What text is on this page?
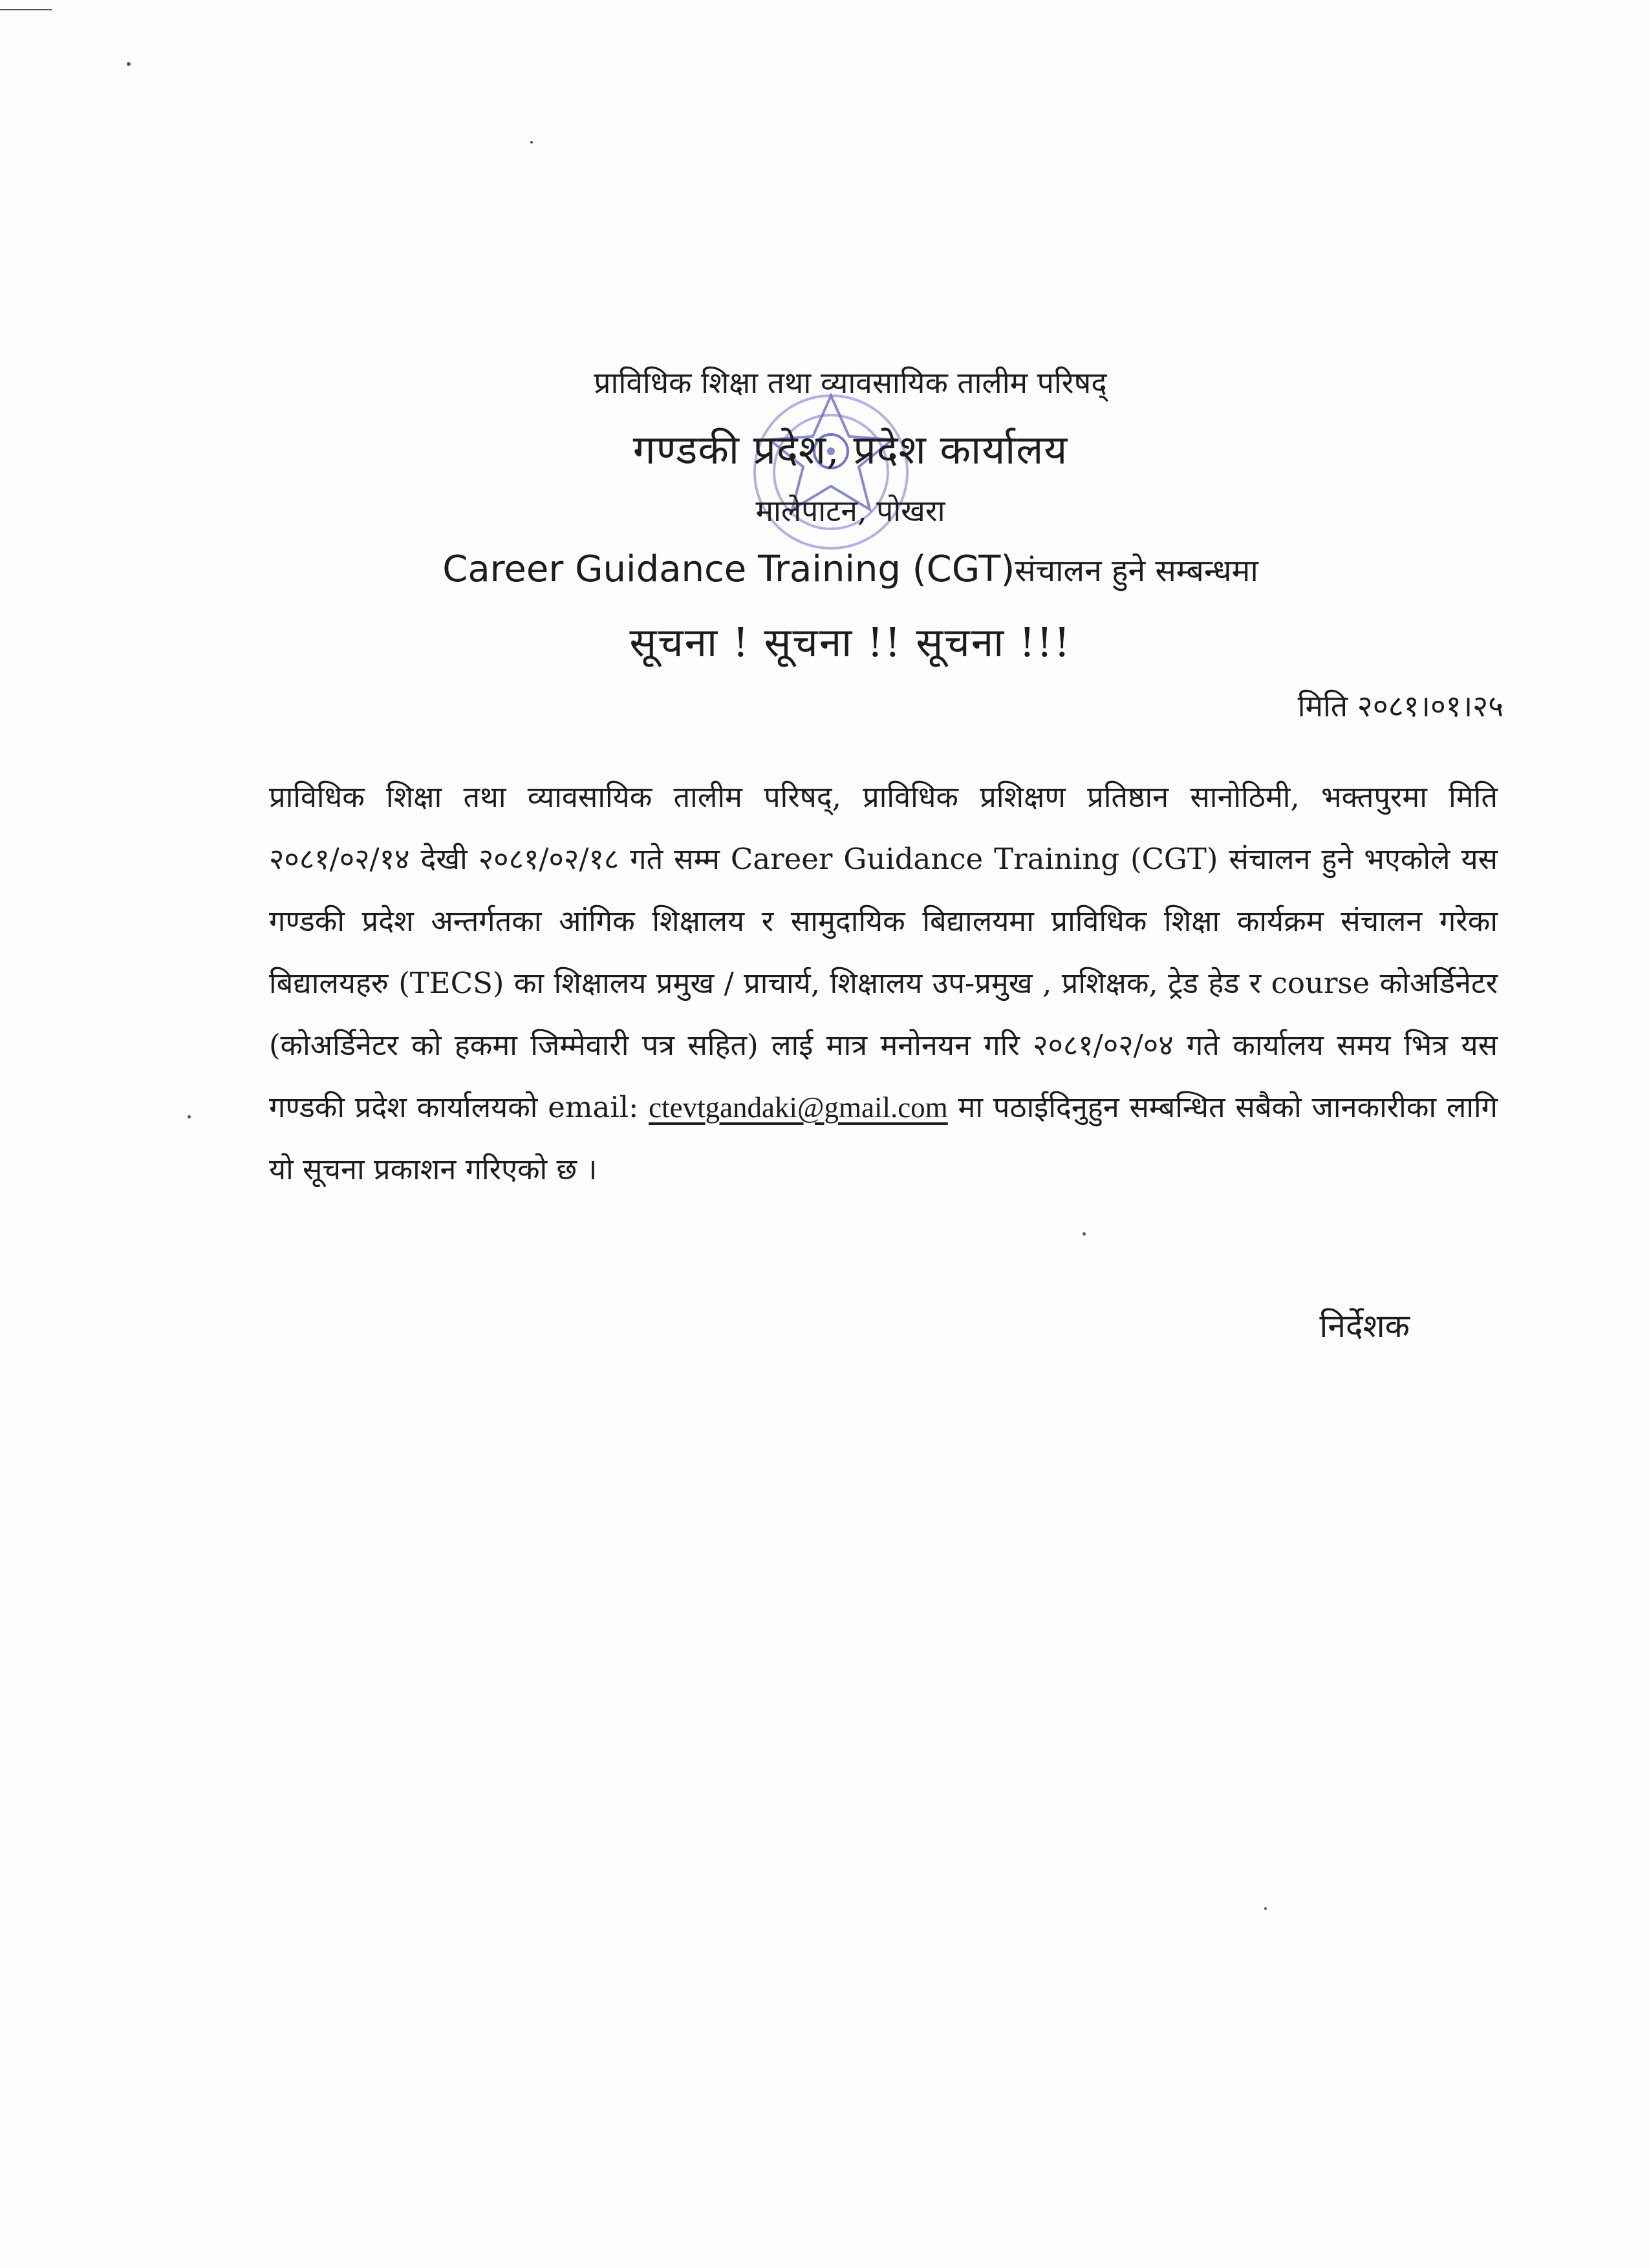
प्राविधिक शिक्षा तथा व्यावसायिक तालीम परिषद्
गण्डकी प्रदेश, प्रदेश कार्यालय
मालेपाटन, पोखरा
Career Guidance Training (CGT)संचालन हुने सम्बन्धमा
सूचना ! सूचना !! सूचना !!!
मिति २०८१।०१।२५
प्राविधिक शिक्षा तथा व्यावसायिक तालीम परिषद्, प्राविधिक प्रशिक्षण प्रतिष्ठान सानोठिमी, भक्तपुरमा मिति २०८१/०२/१४ देखी २०८१/०२/१८ गते सम्म Career Guidance Training (CGT) संचालन हुने भएकोले यस गण्डकी प्रदेश अन्तर्गतका आंगिक शिक्षालय र सामुदायिक बिद्यालयमा प्राविधिक शिक्षा कार्यक्रम संचालन गरेका बिद्यालयहरु (TECS) का शिक्षालय प्रमुख / प्राचार्य, शिक्षालय उप-प्रमुख , प्रशिक्षक, ट्रेड हेड र course कोअर्डिनेटर (कोअर्डिनेटर को हकमा जिम्मेवारी पत्र सहित) लाई मात्र मनोनयन गरि २०८१/०२/०४ गते कार्यालय समय भित्र यस गण्डकी प्रदेश कार्यालयको email: ctevtgandaki@gmail.com मा पठाईदिनुहुन सम्बन्धित सबैको जानकारीका लागि यो सूचना प्रकाशन गरिएको छ ।
निर्देशक
